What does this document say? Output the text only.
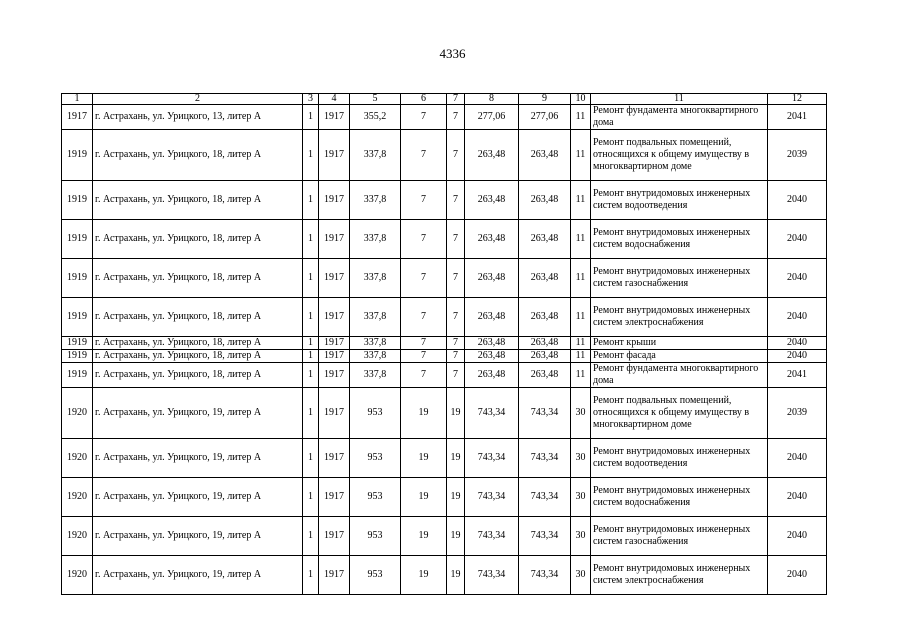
4336
1	2	3	4	5	6	7	8	9	10	11	12
1917	г. Астрахань, ул. Урицкого, 13, литер А	1	1917	355,2	7	7	277,06	277,06	11	Ремонт фундамента многоквартирного дома	2041
1919	г. Астрахань, ул. Урицкого, 18, литер А	1	1917	337,8	7	7	263,48	263,48	11	Ремонт подвальных помещений, относящихся к общему имуществу в многоквартирном доме	2039
1919	г. Астрахань, ул. Урицкого, 18, литер А	1	1917	337,8	7	7	263,48	263,48	11	Ремонт внутридомовых инженерных систем водоотведения	2040
1919	г. Астрахань, ул. Урицкого, 18, литер А	1	1917	337,8	7	7	263,48	263,48	11	Ремонт внутридомовых инженерных систем водоснабжения	2040
1919	г. Астрахань, ул. Урицкого, 18, литер А	1	1917	337,8	7	7	263,48	263,48	11	Ремонт внутридомовых инженерных систем газоснабжения	2040
1919	г. Астрахань, ул. Урицкого, 18, литер А	1	1917	337,8	7	7	263,48	263,48	11	Ремонт внутридомовых инженерных систем электроснабжения	2040
1919	г. Астрахань, ул. Урицкого, 18, литер А	1	1917	337,8	7	7	263,48	263,48	11	Ремонт крыши	2040
1919	г. Астрахань, ул. Урицкого, 18, литер А	1	1917	337,8	7	7	263,48	263,48	11	Ремонт фасада	2040
1919	г. Астрахань, ул. Урицкого, 18, литер А	1	1917	337,8	7	7	263,48	263,48	11	Ремонт фундамента многоквартирного дома	2041
1920	г. Астрахань, ул. Урицкого, 19, литер А	1	1917	953	19	19	743,34	743,34	30	Ремонт подвальных помещений, относящихся к общему имуществу в многоквартирном доме	2039
1920	г. Астрахань, ул. Урицкого, 19, литер А	1	1917	953	19	19	743,34	743,34	30	Ремонт внутридомовых инженерных систем водоотведения	2040
1920	г. Астрахань, ул. Урицкого, 19, литер А	1	1917	953	19	19	743,34	743,34	30	Ремонт внутридомовых инженерных систем водоснабжения	2040
1920	г. Астрахань, ул. Урицкого, 19, литер А	1	1917	953	19	19	743,34	743,34	30	Ремонт внутридомовых инженерных систем газоснабжения	2040
1920	г. Астрахань, ул. Урицкого, 19, литер А	1	1917	953	19	19	743,34	743,34	30	Ремонт внутридомовых инженерных систем электроснабжения	2040
